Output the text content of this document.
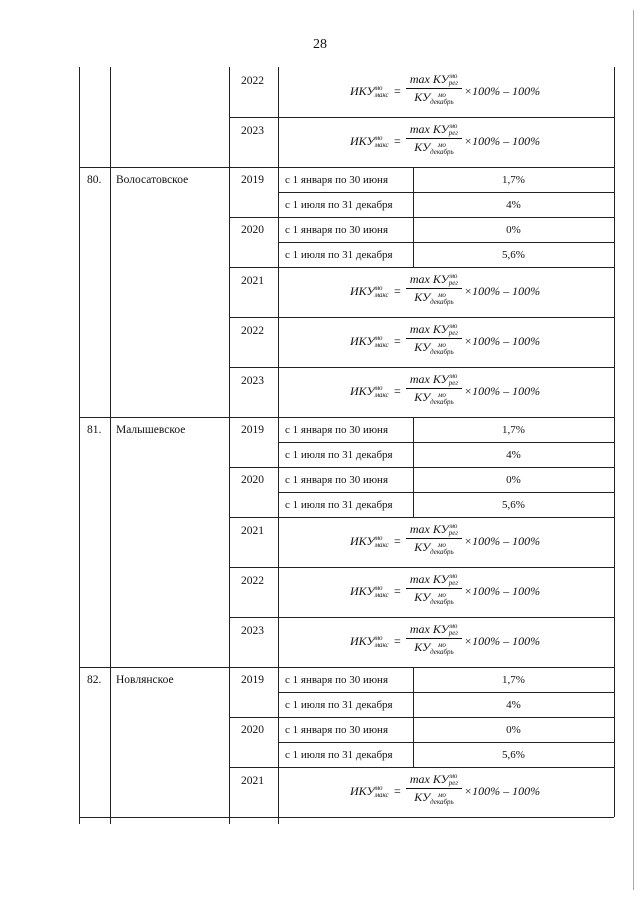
28
2022
ИКУ мо
макс =
max КУ мо
рег
КУ	мо
декабрь
×100% – 100%
2023
ИКУ мо
макс =
max КУ мо
рег
КУ	мо
декабрь
×100% – 100%
80. Волосатовское	2019 с 1 января по 30 июня	1,7%
с 1 июля по 31 декабря	4%
2020 с 1 января по 30 июня	0%
с 1 июля по 31 декабря	5,6%
2021
ИКУ мо
макс =
max КУ мо
рег
КУ	мо
декабрь
×100% – 100%
2022
ИКУ мо
макс =
max КУ мо
рег
КУ	мо
декабрь
×100% – 100%
2023
ИКУ мо
макс =
max КУ мо
рег
КУ	мо
декабрь
×100% – 100%
81. Малышевское	2019 с 1 января по 30 июня	1,7%
с 1 июля по 31 декабря	4%
2020 с 1 января по 30 июня	0%
с 1 июля по 31 декабря	5,6%
2021
ИКУ мо
макс =
max КУ мо
рег
КУ	мо
декабрь
×100% – 100%
2022
ИКУ мо
макс =
max КУ мо
рег
КУ	мо
декабрь
×100% – 100%
2023
ИКУ мо
макс =
max КУ мо
рег
КУ	мо
декабрь
×100% – 100%
82. Новлянское	2019 с 1 января по 30 июня	1,7%
с 1 июля по 31 декабря	4%
2020 с 1 января по 30 июня	0%
с 1 июля по 31 декабря	5,6%
2021
ИКУ мо
макс =
max КУ мо
рег
КУ	мо
декабрь
×100% – 100%
